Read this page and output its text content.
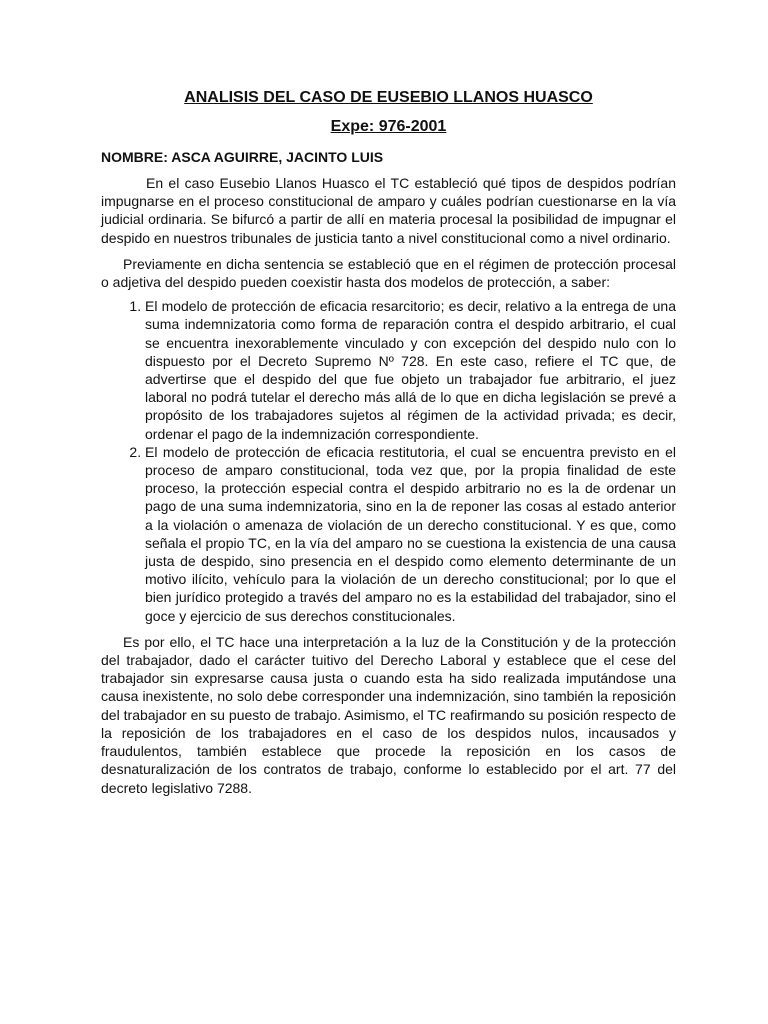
ANALISIS DEL CASO DE EUSEBIO LLANOS HUASCO
Expe: 976-2001
NOMBRE: ASCA AGUIRRE, JACINTO LUIS

En el caso Eusebio Llanos Huasco el TC estableció qué tipos de despidos podrían impugnarse en el proceso constitucional de amparo y cuáles podrían cuestionarse en la vía judicial ordinaria. Se bifurcó a partir de allí en materia procesal la posibilidad de impugnar el despido en nuestros tribunales de justicia tanto a nivel constitucional como a nivel ordinario.

Previamente en dicha sentencia se estableció que en el régimen de protección procesal o adjetiva del despido pueden coexistir hasta dos modelos de protección, a saber:

1. El modelo de protección de eficacia resarcitorio; es decir, relativo a la entrega de una suma indemnizatoria como forma de reparación contra el despido arbitrario, el cual se encuentra inexorablemente vinculado y con excepción del despido nulo con lo dispuesto por el Decreto Supremo Nº 728. En este caso, refiere el TC que, de advertirse que el despido del que fue objeto un trabajador fue arbitrario, el juez laboral no podrá tutelar el derecho más allá de lo que en dicha legislación se prevé a propósito de los trabajadores sujetos al régimen de la actividad privada; es decir, ordenar el pago de la indemnización correspondiente.
2. El modelo de protección de eficacia restitutoria, el cual se encuentra previsto en el proceso de amparo constitucional, toda vez que, por la propia finalidad de este proceso, la protección especial contra el despido arbitrario no es la de ordenar un pago de una suma indemnizatoria, sino en la de reponer las cosas al estado anterior a la violación o amenaza de violación de un derecho constitucional. Y es que, como señala el propio TC, en la vía del amparo no se cuestiona la existencia de una causa justa de despido, sino presencia en el despido como elemento determinante de un motivo ilícito, vehículo para la violación de un derecho constitucional; por lo que el bien jurídico protegido a través del amparo no es la estabilidad del trabajador, sino el goce y ejercicio de sus derechos constitucionales.

Es por ello, el TC hace una interpretación a la luz de la Constitución y de la protección del trabajador, dado el carácter tuitivo del Derecho Laboral y establece que el cese del trabajador sin expresarse causa justa o cuando esta ha sido realizada imputándose una causa inexistente, no solo debe corresponder una indemnización, sino también la reposición del trabajador en su puesto de trabajo. Asimismo, el TC reafirmando su posición respecto de la reposición de los trabajadores en el caso de los despidos nulos, incausados y fraudulentos, también establece que procede la reposición en los casos de desnaturalización de los contratos de trabajo, conforme lo establecido por el art. 77 del decreto legislativo 7288.
